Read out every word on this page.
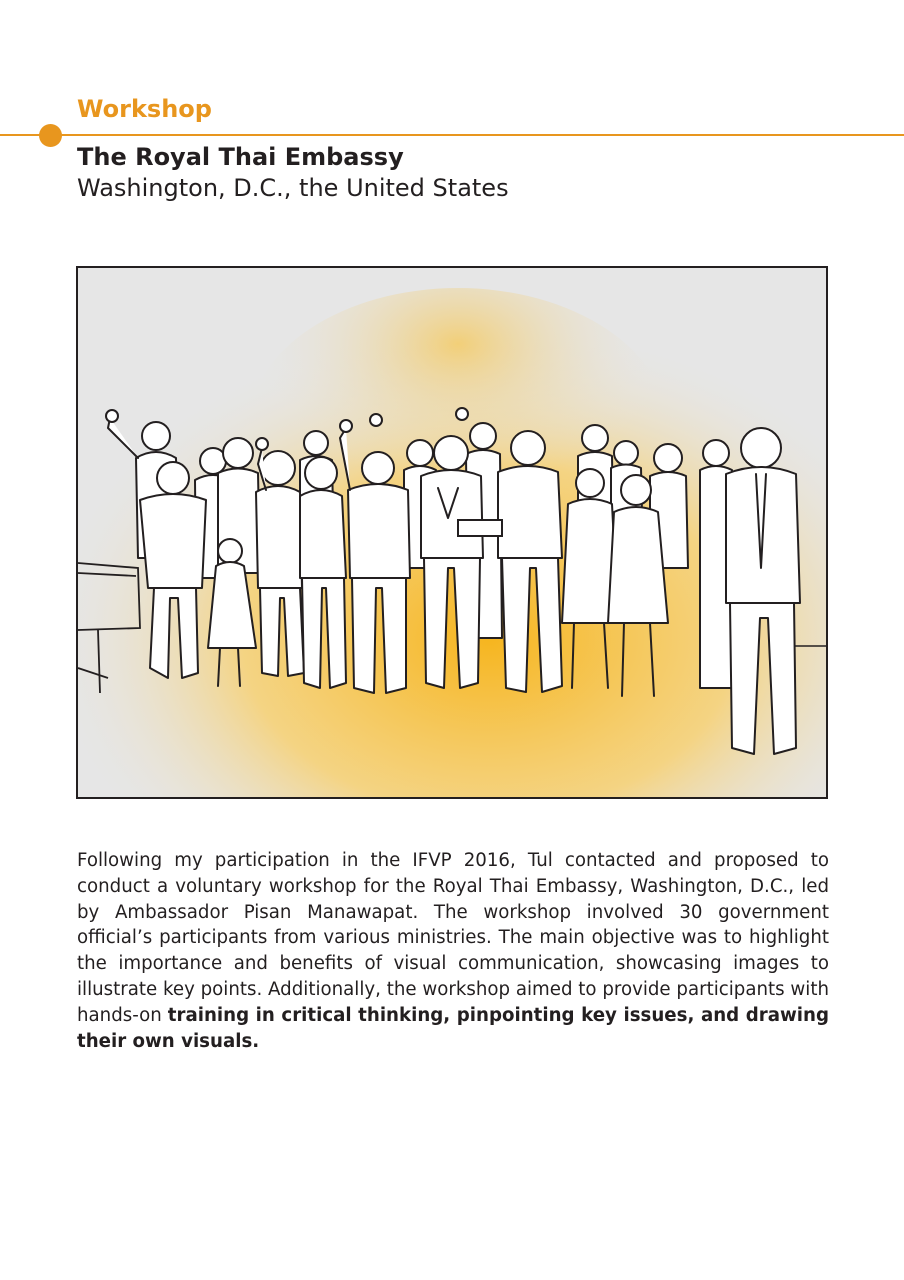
Workshop
The Royal Thai Embassy
Washington, D.C., the United States
Following my participation in the IFVP 2016, Tul contacted and proposed to conduct a voluntary workshop for the Royal Thai Embassy, Washington, D.C., led by Ambassador Pisan Manawapat. The workshop involved 30 government official’s participants from various ministries. The main objective was to highlight the importance and benefits of visual communication, showcasing images to illustrate key points. Additionally, the workshop aimed to provide participants with hands-on training in critical thinking, pinpointing key issues, and drawing their own visuals.
